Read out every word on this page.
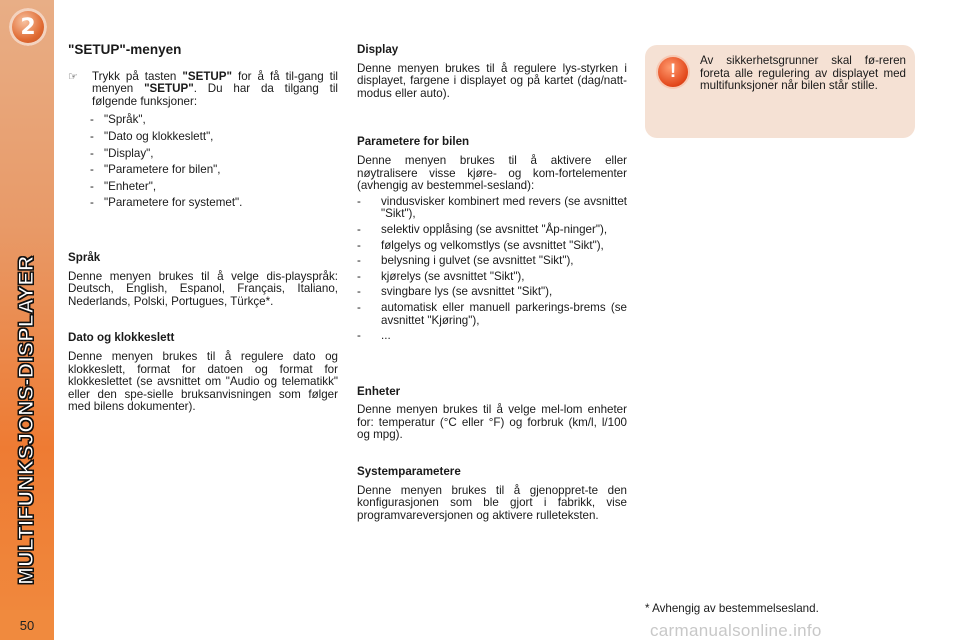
2
MULTIFUNKSJONS-DISPLAYER
50
"SETUP"-menyen
☞	Trykk på tasten "SETUP" for å få til-gang til menyen "SETUP". Du har da tilgang til følgende funksjoner:

- "Språk",
- "Dato og klokkeslett",
- "Display",
- "Parametere for bilen",
- "Enheter",
- "Parametere for systemet".
Språk

Denne menyen brukes til å velge dis-playspråk: Deutsch, English, Espanol, Français, Italiano, Nederlands, Polski, Portugues, Türkçe*.

Dato og klokkeslett

Denne menyen brukes til å regulere dato og klokkeslett, format for datoen og format for klokkeslettet (se avsnittet om "Audio og telematikk" eller den spe-sielle bruksanvisningen som følger med bilens dokumenter).

Display

Denne menyen brukes til å regulere lys-styrken i displayet, fargene i displayet og på kartet (dag/natt-modus eller auto).

Parametere for bilen

Denne menyen brukes til å aktivere eller nøytralisere visse kjøre- og kom-fortelementer (avhengig av bestemmel-sesland):

-	vindusvisker kombinert med revers (se avsnittet "Sikt"),
-	selektiv opplåsing (se avsnittet "Åp-ninger"),
-	følgelys og velkomstlys (se avsnittet "Sikt"),
-	belysning i gulvet (se avsnittet "Sikt"),
-	kjørelys (se avsnittet "Sikt"),
-	svingbare lys (se avsnittet "Sikt"),
-	automatisk eller manuell parkerings-brems (se avsnittet "Kjøring"),
-	...
Enheter

Denne menyen brukes til å velge mel-lom enheter for: temperatur (°C eller °F) og forbruk (km/l, l/100 og mpg).

Systemparametere

Denne menyen brukes til å gjenoppret-te den konfigurasjonen som ble gjort i fabrikk, vise programvareversjonen og aktivere rulleteksten.

!
Av sikkerhetsgrunner skal fø-reren foreta alle regulering av displayet med multifunksjoner når bilen står stille.
* Avhengig av bestemmelsesland.
carmanualsonline.info
